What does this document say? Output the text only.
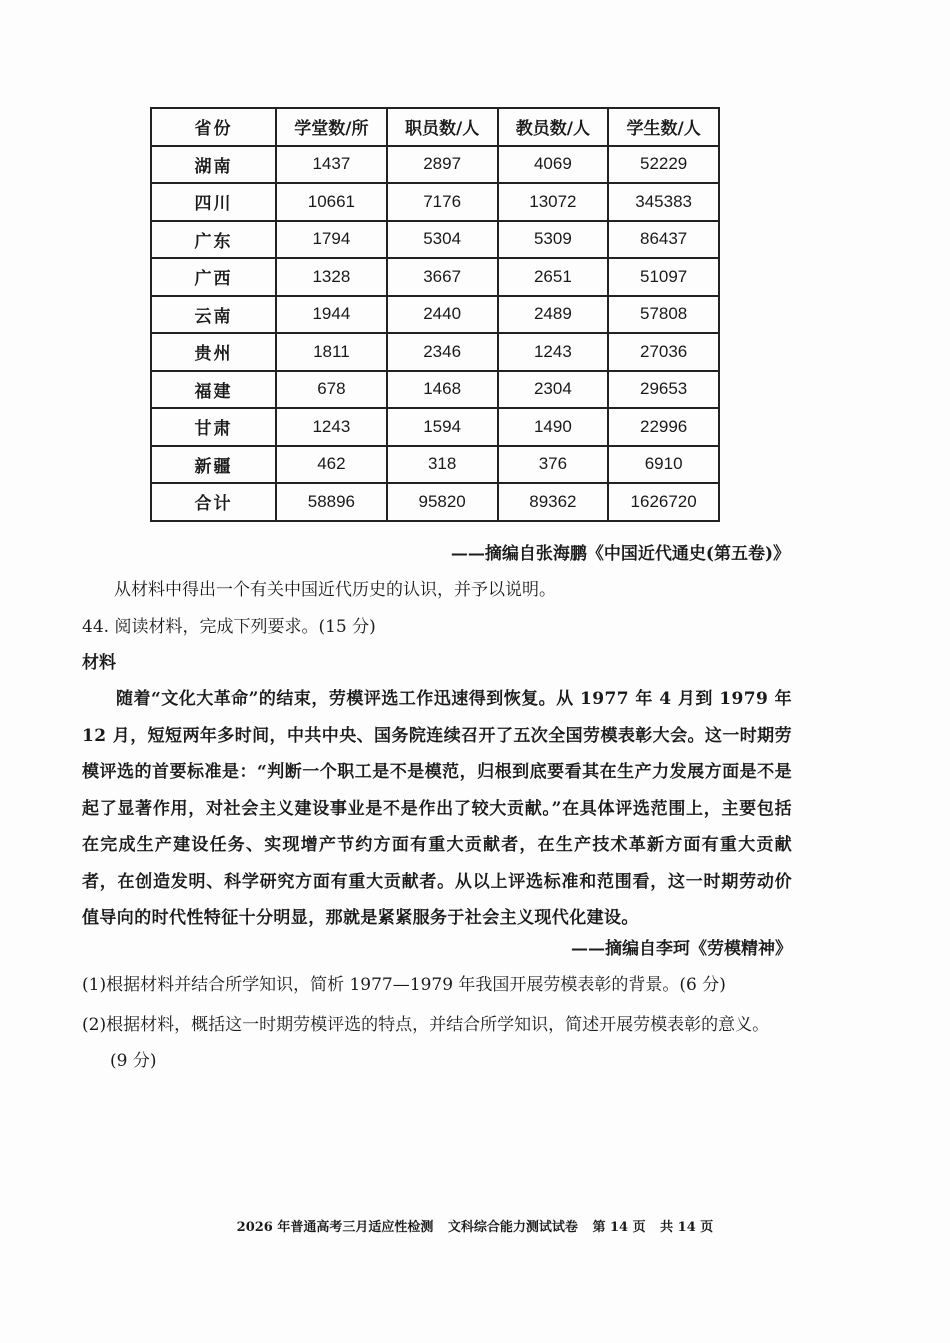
省份	学堂数/所	职员数/人	教员数/人	学生数/人
湖南	1437	2897	4069	52229
四川	10661	7176	13072	345383
广东	1794	5304	5309	86437
广西	1328	3667	2651	51097
云南	1944	2440	2489	57808
贵州	1811	2346	1243	27036
福建	678	1468	2304	29653
甘肃	1243	1594	1490	22996
新疆	462	318	376	6910
合计	58896	95820	89362	1626720
——摘编自张海鹏《中国近代通史(第五卷)》
从材料中得出一个有关中国近代历史的认识，并予以说明。
44. 阅读材料，完成下列要求。(15 分)
材料
随着“文化大革命”的结束，劳模评选工作迅速得到恢复。从 1977 年 4 月到 1979 年 12 月，短短两年多时间，中共中央、国务院连续召开了五次全国劳模表彰大会。这一时期劳模评选的首要标准是：“判断一个职工是不是模范，归根到底要看其在生产力发展方面是不是起了显著作用，对社会主义建设事业是不是作出了较大贡献。”在具体评选范围上，主要包括在完成生产建设任务、实现增产节约方面有重大贡献者，在生产技术革新方面有重大贡献者，在创造发明、科学研究方面有重大贡献者。从以上评选标准和范围看，这一时期劳动价值导向的时代性特征十分明显，那就是紧紧服务于社会主义现代化建设。
——摘编自李珂《劳模精神》
(1)根据材料并结合所学知识，简析 1977—1979 年我国开展劳模表彰的背景。(6 分)
(2)根据材料，概括这一时期劳模评选的特点，并结合所学知识，简述开展劳模表彰的意义。
(9 分)
2026 年普通高考三月适应性检测 文科综合能力测试试卷 第 14 页 共 14 页
